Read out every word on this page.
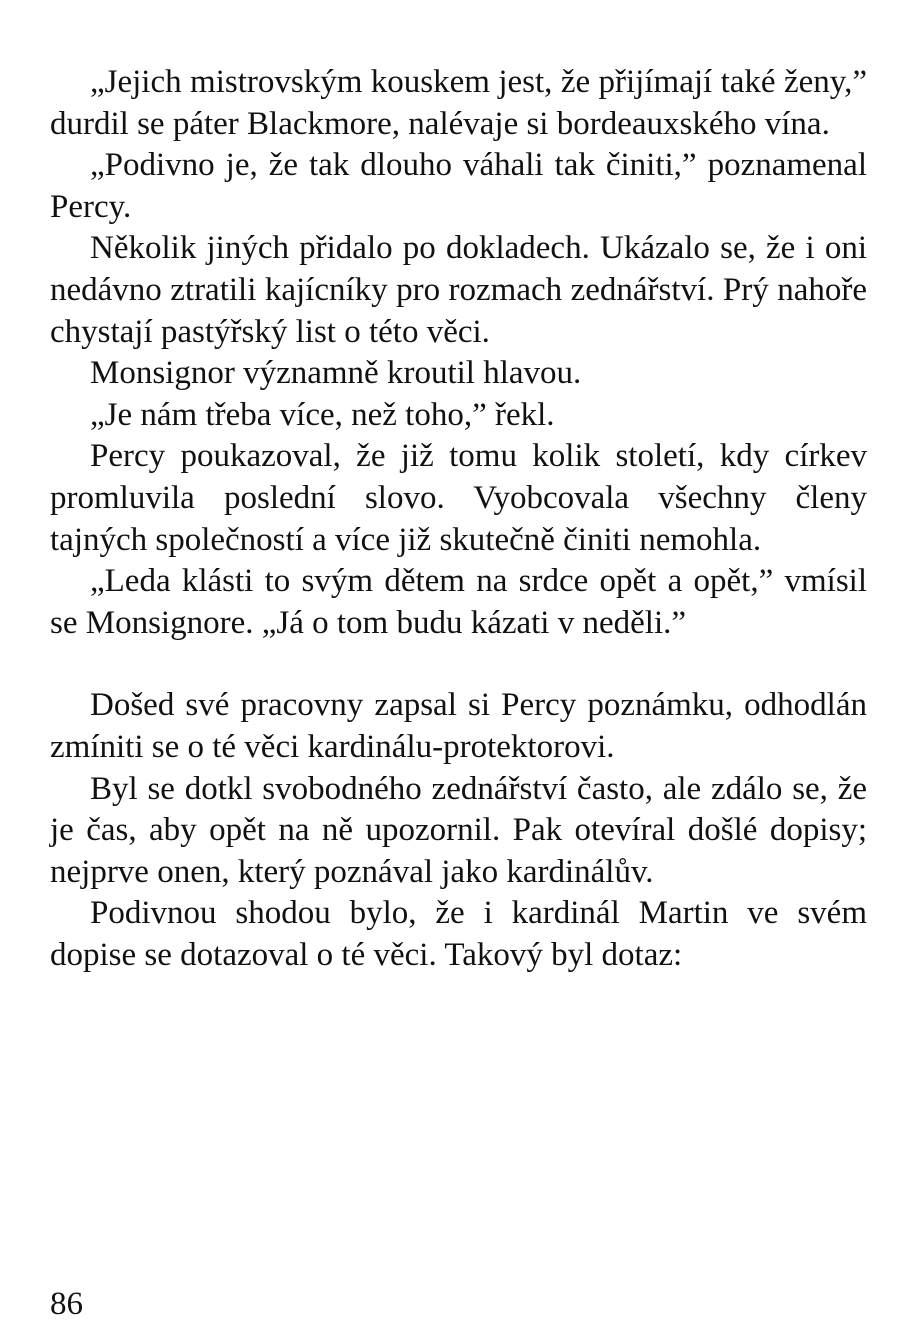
„Jejich mistrovským kouskem jest, že přijímají také ženy,” durdil se páter Blackmore, nalévaje si bordeauxského vína.

„Podivno je, že tak dlouho váhali tak činiti,” poznamenal Percy.

Několik jiných přidalo po dokladech. Ukázalo se, že i oni nedávno ztratili kajícníky pro rozmach zednářství. Prý nahoře chystají pastýřský list o této věci.

Monsignor významně kroutil hlavou.

„Je nám třeba více, než toho,” řekl.

Percy poukazoval, že již tomu kolik století, kdy církev promluvila poslední slovo. Vyobcovala všechny členy tajných společností a více již skutečně činiti nemohla.

„Leda klásti to svým dětem na srdce opět a opět,” vmísil se Monsignore. „Já o tom budu kázati v neděli.”

Došed své pracovny zapsal si Percy poznámku, odhodlán zmíniti se o té věci kardinálu-protektorovi.

Byl se dotkl svobodného zednářství často, ale zdálo se, že je čas, aby opět na ně upozornil. Pak otevíral došlé dopisy; nejprve onen, který poznával jako kardinálův.

Podivnou shodou bylo, že i kardinál Martin ve svém dopise se dotazoval o té věci. Takový byl dotaz:

86
